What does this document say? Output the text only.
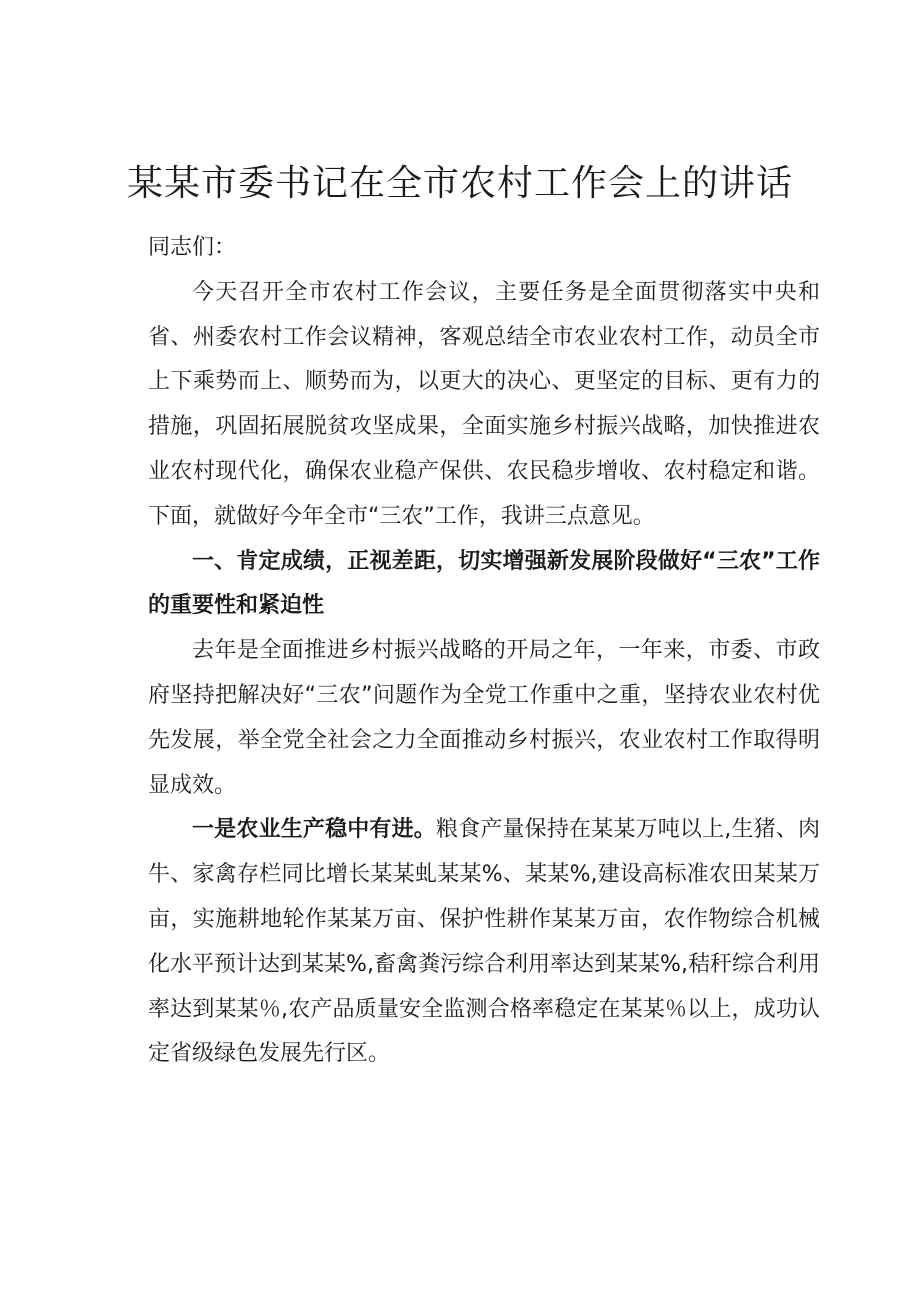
某某市委书记在全市农村工作会上的讲话

同志们：

今天召开全市农村工作会议，主要任务是全面贯彻落实中央和省、州委农村工作会议精神，客观总结全市农业农村工作，动员全市上下乘势而上、顺势而为，以更大的决心、更坚定的目标、更有力的措施，巩固拓展脱贫攻坚成果，全面实施乡村振兴战略，加快推进农业农村现代化，确保农业稳产保供、农民稳步增收、农村稳定和谐。下面，就做好今年全市“三农”工作，我讲三点意见。

一、肯定成绩，正视差距，切实增强新发展阶段做好“三农”工作的重要性和紧迫性

去年是全面推进乡村振兴战略的开局之年，一年来，市委、市政府坚持把解决好“三农”问题作为全党工作重中之重，坚持农业农村优先发展，举全党全社会之力全面推动乡村振兴，农业农村工作取得明显成效。

一是农业生产稳中有进。粮食产量保持在某某万吨以上,生猪、肉牛、家禽存栏同比增长某某虬某某%、某某%,建设高标准农田某某万亩，实施耕地轮作某某万亩、保护性耕作某某万亩，农作物综合机械化水平预计达到某某%,畜禽粪污综合利用率达到某某%,秸秆综合利用率达到某某％,农产品质量安全监测合格率稳定在某某％以上，成功认定省级绿色发展先行区。
